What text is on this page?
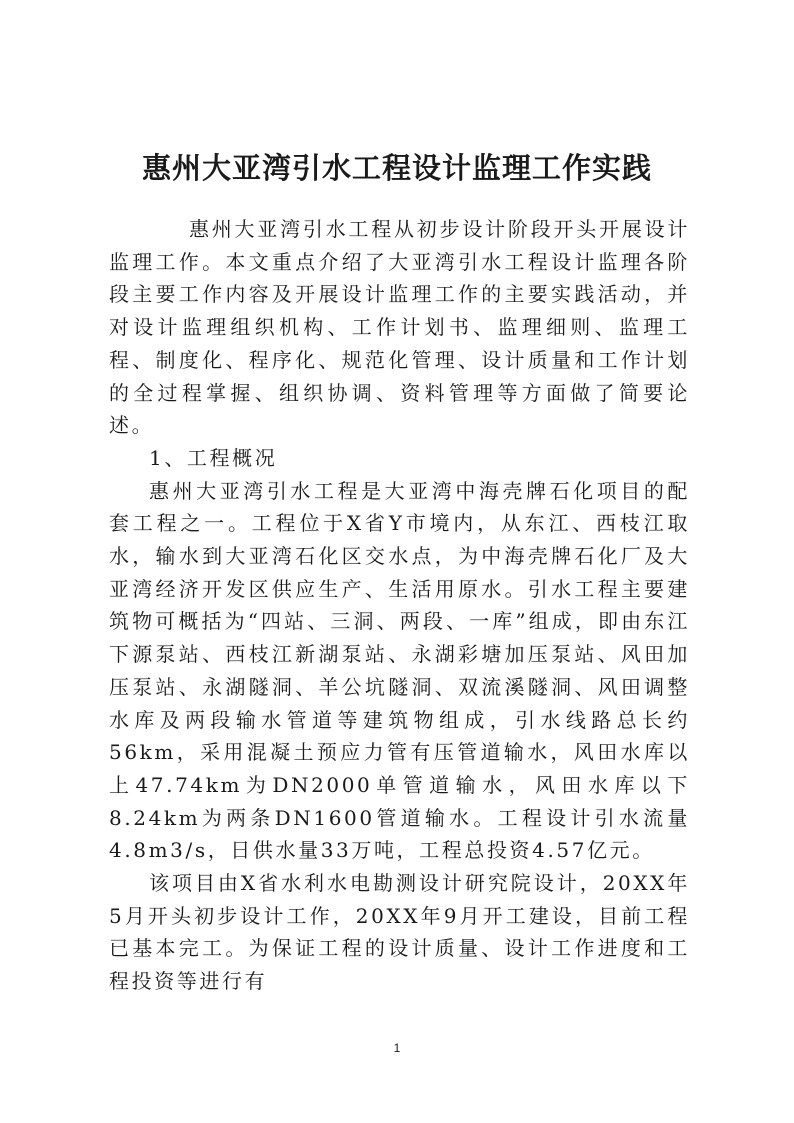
惠州大亚湾引水工程设计监理工作实践

惠州大亚湾引水工程从初步设计阶段开头开展设计监理工作。本文重点介绍了大亚湾引水工程设计监理各阶段主要工作内容及开展设计监理工作的主要实践活动，并对设计监理组织机构、工作计划书、监理细则、监理工程、制度化、程序化、规范化管理、设计质量和工作计划的全过程掌握、组织协调、资料管理等方面做了简要论述。

1、工程概况

惠州大亚湾引水工程是大亚湾中海壳牌石化项目的配套工程之一。工程位于X省Y市境内，从东江、西枝江取水，输水到大亚湾石化区交水点，为中海壳牌石化厂及大亚湾经济开发区供应生产、生活用原水。引水工程主要建筑物可概括为“四站、三洞、两段、一库”组成，即由东江下源泵站、西枝江新湖泵站、永湖彩塘加压泵站、风田加压泵站、永湖隧洞、羊公坑隧洞、双流溪隧洞、风田调整水库及两段输水管道等建筑物组成，引水线路总长约56km，采用混凝土预应力管有压管道输水，风田水库以上47.74km为DN2000单管道输水，风田水库以下8.24km为两条DN1600管道输水。工程设计引水流量4.8m3/s，日供水量33万吨，工程总投资4.57亿元。

该项目由X省水利水电勘测设计研究院设计，20XX年5月开头初步设计工作，20XX年9月开工建设，目前工程已基本完工。为保证工程的设计质量、设计工作进度和工程投资等进行有

1
